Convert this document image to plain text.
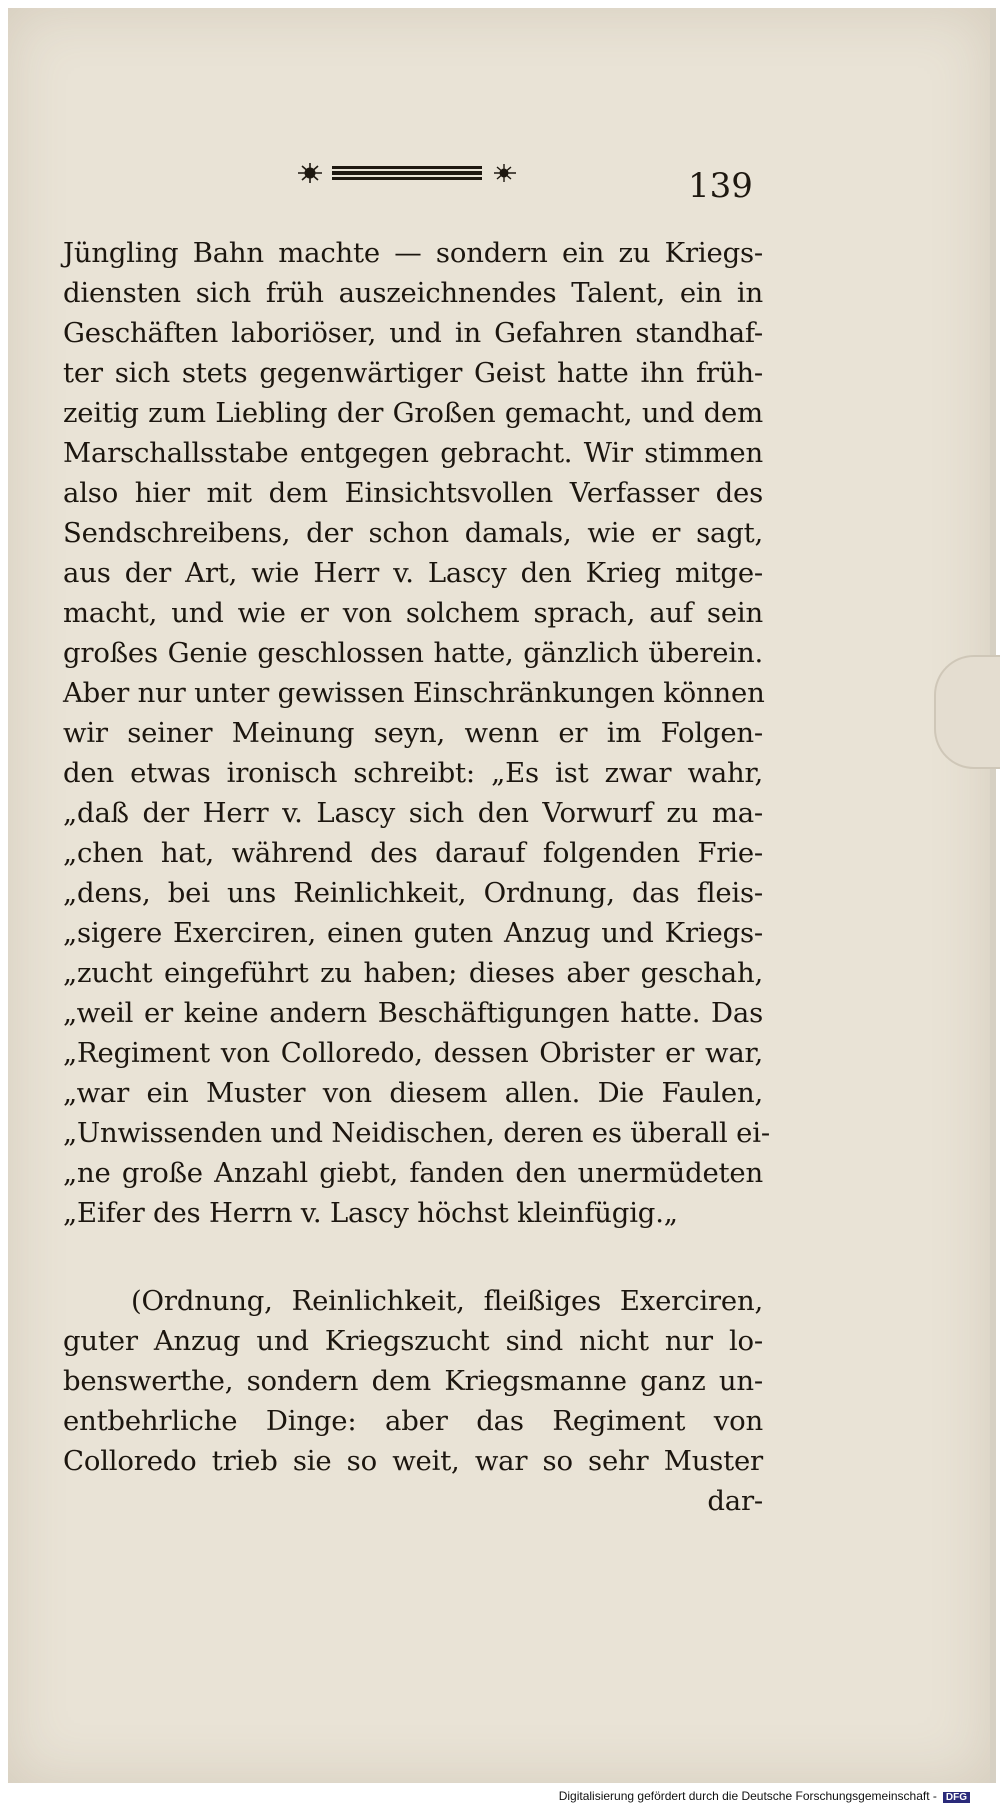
139
Jüngling Bahn machte — sondern ein zu Kriegs-
diensten sich früh auszeichnendes Talent, ein in
Geschäften laboriöser, und in Gefahren standhaf-
ter sich stets gegenwärtiger Geist hatte ihn früh-
zeitig zum Liebling der Großen gemacht, und dem
Marschallsstabe entgegen gebracht. Wir stimmen
also hier mit dem Einsichtsvollen Verfasser des
Sendschreibens, der schon damals, wie er sagt,
aus der Art, wie Herr v. Lascy den Krieg mitge-
macht, und wie er von solchem sprach, auf sein
großes Genie geschlossen hatte, gänzlich überein.
Aber nur unter gewissen Einschränkungen können
wir seiner Meinung seyn, wenn er im Folgen-
den etwas ironisch schreibt: „Es ist zwar wahr,
„daß der Herr v. Lascy sich den Vorwurf zu ma-
„chen hat, während des darauf folgenden Frie-
„dens, bei uns Reinlichkeit, Ordnung, das fleis-
„sigere Exerciren, einen guten Anzug und Kriegs-
„zucht eingeführt zu haben; dieses aber geschah,
„weil er keine andern Beschäftigungen hatte. Das
„Regiment von Colloredo, dessen Obrister er war,
„war ein Muster von diesem allen. Die Faulen,
„Unwissenden und Neidischen, deren es überall ei-
„ne große Anzahl giebt, fanden den unermüdeten
„Eifer des Herrn v. Lascy höchst kleinfügig.„
(Ordnung, Reinlichkeit, fleißiges Exerciren,
guter Anzug und Kriegszucht sind nicht nur lo-
benswerthe, sondern dem Kriegsmanne ganz un-
entbehrliche Dinge: aber das Regiment von
Colloredo trieb sie so weit, war so sehr Muster
dar-
Digitalisierung gefördert durch die Deutsche Forschungsgemeinschaft - DFG
